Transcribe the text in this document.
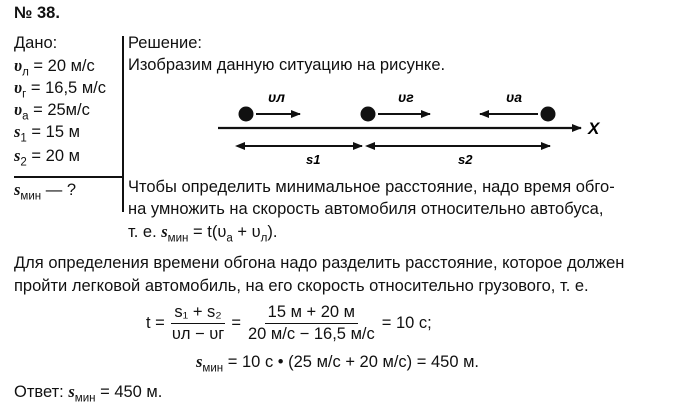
№ 38.
Дано:
$\upsilon_л = 20$ м/с
$\upsilon_г = 16,5$ м/с
$\upsilon_а = 25м/с$
$s_1 = 15$ м
$s_2 = 20$ м
$s_{мин}$ — ?
Решение:
Изобразим данную ситуацию на рисунке.
υл	υг	υа
X
s1	s2
Чтобы определить минимальное расстояние, надо время обго-
на умножить на скорость автомобиля относительно автобуса,
т. е. $s_{мин} = t(\upsilon_а + \upsilon_л)$.
Для определения времени обгона надо разделить расстояние, которое должен
пройти легковой автомобиль, на его скорость относительно грузового, т. е.
$t = \frac{\text{s₁ + s₂}}{\upsilon л - \upsilon г} = \frac{15 м + 20 м}{20 м/с - 16,5 м/с} = 10$ с;
$s_{мин} = 10$ с • (25 м/с + 20 м/с) = 450 м.
Ответ: $s_{мин} = 450$ м.
